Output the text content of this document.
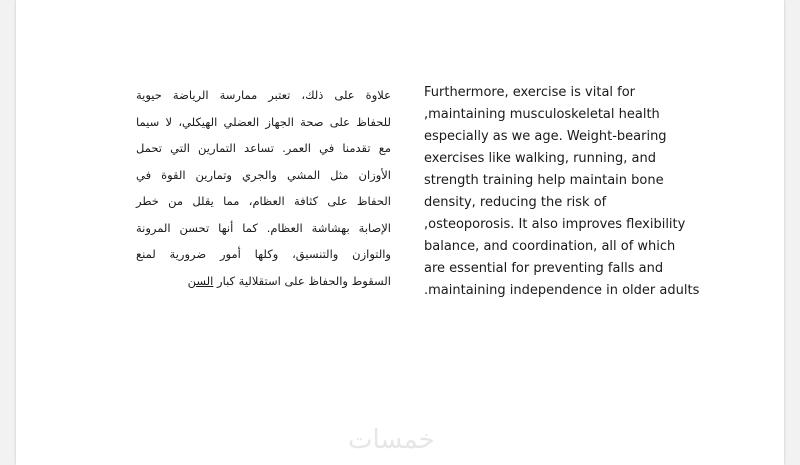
Furthermore, exercise is vital for
,maintaining musculoskeletal health
especially as we age. Weight-bearing
exercises like walking, running, and
strength training help maintain bone
density, reducing the risk of
,osteoporosis. It also improves flexibility
balance, and coordination, all of which
are essential for preventing falls and
.maintaining independence in older adults
علاوة على ذلك، تعتبر ممارسة الرياضة حيوية
للحفاظ على صحة الجهاز العضلي الهيكلي، لا سيما
مع تقدمنا في العمر. تساعد التمارين التي تحمل
الأوزان مثل المشي والجري وتمارين القوة في
الحفاظ على كثافة العظام، مما يقلل من خطر
الإصابة بهشاشة العظام. كما أنها تحسن المرونة
والتوازن والتنسيق، وكلها أمور ضرورية لمنع
السقوط والحفاظ على استقلالية كبار السن
خمسات
